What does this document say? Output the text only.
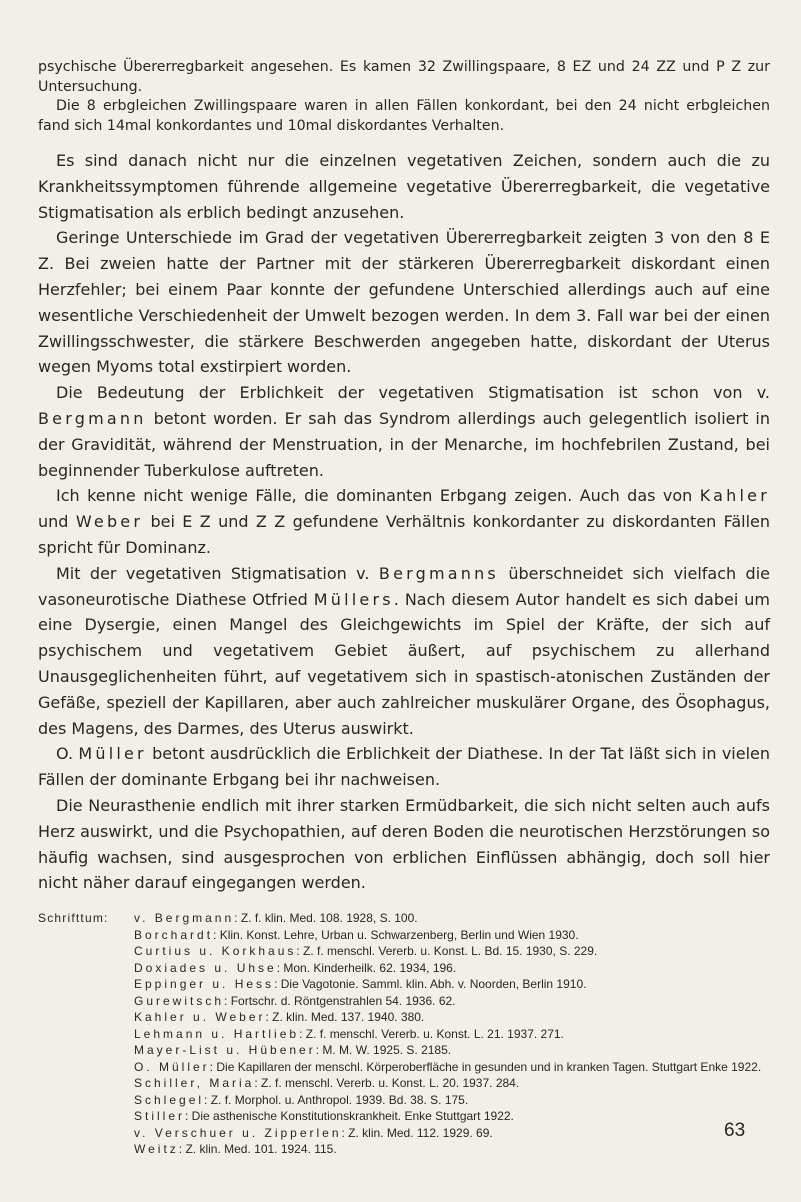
psychische Übererregbarkeit angesehen. Es kamen 32 Zwillingspaare, 8 EZ und 24 ZZ und P Z zur Untersuchung.

Die 8 erbgleichen Zwillingspaare waren in allen Fällen konkordant, bei den 24 nicht erbgleichen fand sich 14mal konkordantes und 10mal diskordantes Verhalten.

Es sind danach nicht nur die einzelnen vegetativen Zeichen, sondern auch die zu Krankheitssymptomen führende allgemeine vegetative Übererregbarkeit, die vegetative Stigmatisation als erblich bedingt anzusehen.

Geringe Unterschiede im Grad der vegetativen Übererregbarkeit zeigten 3 von den 8 E Z. Bei zweien hatte der Partner mit der stärkeren Übererregbarkeit diskordant einen Herzfehler; bei einem Paar konnte der gefundene Unterschied allerdings auch auf eine wesentliche Verschiedenheit der Umwelt bezogen werden. In dem 3. Fall war bei der einen Zwillingsschwester, die stärkere Beschwerden angegeben hatte, diskordant der Uterus wegen Myoms total exstirpiert worden.

Die Bedeutung der Erblichkeit der vegetativen Stigmatisation ist schon von v. Bergmann betont worden. Er sah das Syndrom allerdings auch gelegentlich isoliert in der Gravidität, während der Menstruation, in der Menarche, im hochfebrilen Zustand, bei beginnender Tuberkulose auftreten.

Ich kenne nicht wenige Fälle, die dominanten Erbgang zeigen. Auch das von Kahler und Weber bei E Z und Z Z gefundene Verhältnis konkordanter zu diskordanten Fällen spricht für Dominanz.

Mit der vegetativen Stigmatisation v. Bergmanns überschneidet sich vielfach die vasoneurotische Diathese Otfried Müllers. Nach diesem Autor handelt es sich dabei um eine Dysergie, einen Mangel des Gleichgewichts im Spiel der Kräfte, der sich auf psychischem und vegetativem Gebiet äußert, auf psychischem zu allerhand Unausgeglichenheiten führt, auf vegetativem sich in spastisch-atonischen Zuständen der Gefäße, speziell der Kapillaren, aber auch zahlreicher muskulärer Organe, des Ösophagus, des Magens, des Darmes, des Uterus auswirkt.

O. Müller betont ausdrücklich die Erblichkeit der Diathese. In der Tat läßt sich in vielen Fällen der dominante Erbgang bei ihr nachweisen.

Die Neurasthenie endlich mit ihrer starken Ermüdbarkeit, die sich nicht selten auch aufs Herz auswirkt, und die Psychopathien, auf deren Boden die neurotischen Herzstörungen so häufig wachsen, sind ausgesprochen von erblichen Einflüssen abhängig, doch soll hier nicht näher darauf eingegangen werden.

Schrifttum:	v. Bergmann: Z. f. klin. Med. 108. 1928, S. 100.
Borchardt: Klin. Konst. Lehre, Urban u. Schwarzenberg, Berlin und Wien 1930.
Curtius u. Korkhaus: Z. f. menschl. Vererb. u. Konst. L. Bd. 15. 1930, S. 229.
Doxiades u. Uhse: Mon. Kinderheilk. 62. 1934, 196.
Eppinger u. Hess: Die Vagotonie. Samml. klin. Abh. v. Noorden, Berlin 1910.
Gurewitsch: Fortschr. d. Röntgenstrahlen 54. 1936. 62.
Kahler u. Weber: Z. klin. Med. 137. 1940. 380.
Lehmann u. Hartlieb: Z. f. menschl. Vererb. u. Konst. L. 21. 1937. 271.
Mayer-List u. Hübener: M. M. W. 1925. S. 2185.
O. Müller: Die Kapillaren der menschl. Körperoberfläche in gesunden und in kranken Tagen. Stuttgart Enke 1922.
Schiller, Maria: Z. f. menschl. Vererb. u. Konst. L. 20. 1937. 284.
Schlegel: Z. f. Morphol. u. Anthropol. 1939. Bd. 38. S. 175.
Stiller: Die asthenische Konstitutionskrankheit. Enke Stuttgart 1922.
v. Verschuer u. Zipperlen: Z. klin. Med. 112. 1929. 69.
Weitz: Z. klin. Med. 101. 1924. 115.
63
